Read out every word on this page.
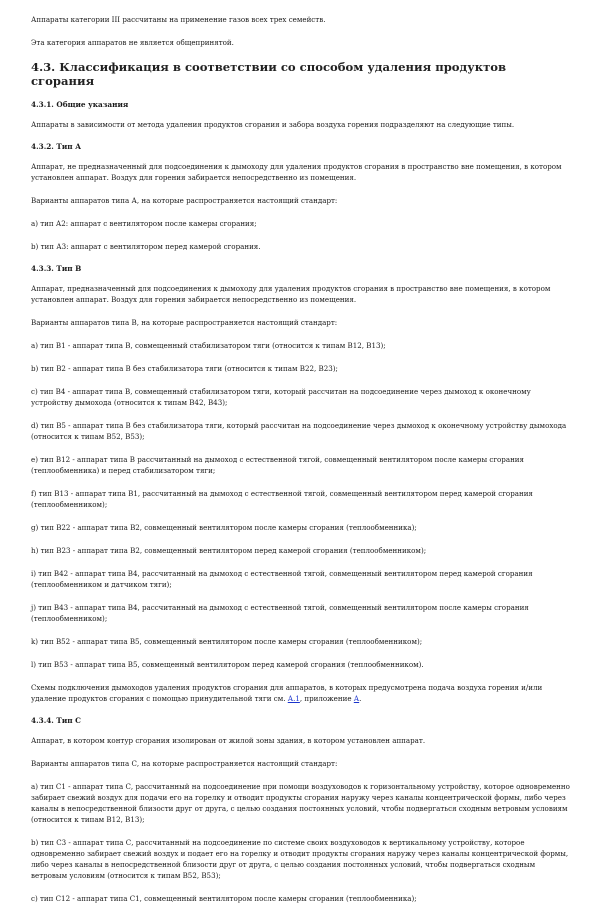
Аппараты категории III рассчитаны на применение газов всех трех семейств.

Эта категория аппаратов не является общепринятой.

4.3. Классификация в соответствии со способом удаления продуктов сгорания
4.3.1. Общие указания

Аппараты в зависимости от метода удаления продуктов сгорания и забора воздуха горения подразделяют на следующие типы.

4.3.2. Тип А

Аппарат, не предназначенный для подсоединения к дымоходу для удаления продуктов сгорания в пространство вне помещения, в котором установлен аппарат. Воздух для горения забирается непосредственно из помещения.

Варианты аппаратов типа А, на которые распространяется настоящий стандарт:

a) тип А2: аппарат с вентилятором после камеры сгорания;

b) тип А3: аппарат с вентилятором перед камерой сгорания.

4.3.3. Тип В

Аппарат, предназначенный для подсоединения к дымоходу для удаления продуктов сгорания в пространство вне помещения, в котором установлен аппарат. Воздух для горения забирается непосредственно из помещения.

Варианты аппаратов типа В, на которые распространяется настоящий стандарт:

a) тип В1 - аппарат типа В, совмещенный стабилизатором тяги (относится к типам В12, В13);

b) тип В2 - аппарат типа В без стабилизатора тяги (относится к типам В22, В23);

c) тип В4 - аппарат типа В, совмещенный стабилизатором тяги, который рассчитан на подсоединение через дымоход к оконечному устройству дымохода (относится к типам В42, В43);

d) тип В5 - аппарат типа В без стабилизатора тяги, который рассчитан на подсоединение через дымоход к оконечному устройству дымохода (относится к типам В52, В53);

e) тип В12 - аппарат типа В рассчитанный на дымоход с естественной тягой, совмещенный вентилятором после камеры сгорания (теплообменника) и перед стабилизатором тяги;

f) тип В13 - аппарат типа В1, рассчитанный на дымоход с естественной тягой, совмещенный вентилятором перед камерой сгорания (теплообменником);

g) тип В22 - аппарат типа В2, совмещенный вентилятором после камеры сгорания (теплообменника);

h) тип В23 - аппарат типа В2, совмещенный вентилятором перед камерой сгорания (теплообменником);

i) тип В42 - аппарат типа В4, рассчитанный на дымоход с естественной тягой, совмещенный вентилятором перед камерой сгорания (теплообменником и датчиком тяги);

j) тип В43 - аппарат типа В4, рассчитанный на дымоход с естественной тягой, совмещенный вентилятором после камеры сгорания (теплообменником);

k) тип В52 - аппарат типа В5, совмещенный вентилятором после камеры сгорания (теплообменником);

l) тип В53 - аппарат типа В5, совмещенный вентилятором перед камерой сгорания (теплообменником).

Схемы подключения дымоходов удаления продуктов сгорания для аппаратов, в которых предусмотрена подача воздуха горения и/или удаление продуктов сгорания с помощью принудительной тяги см. А.1, приложение А.

4.3.4. Тип С

Аппарат, в котором контур сгорания изолирован от жилой зоны здания, в котором установлен аппарат.

Варианты аппаратов типа С, на которые распространяется настоящий стандарт:

a) тип С1 - аппарат типа С, рассчитанный на подсоединение при помощи воздуховодов к горизонтальному устройству, которое одновременно забирает свежий воздух для подачи его на горелку и отводит продукты сгорания наружу через каналы концентрической формы, либо через каналы в непосредственной близости друг от друга, с целью создания постоянных условий, чтобы подвергаться сходным ветровым условиям (относится к типам В12, В13);

b) тип С3 - аппарат типа С, рассчитанный на подсоединение по системе своих воздуховодов к вертикальному устройству, которое одновременно забирает свежий воздух и подает его на горелку и отводит продукты сгорания наружу через каналы концентрической формы, либо через каналы в непосредственной близости друг от друга, с целью создания постоянных условий, чтобы подвергаться сходным ветровым условиям (относится к типам В52, В53);

c) тип С12 - аппарат типа С1, совмещенный вентилятором после камеры сгорания (теплообменника);
